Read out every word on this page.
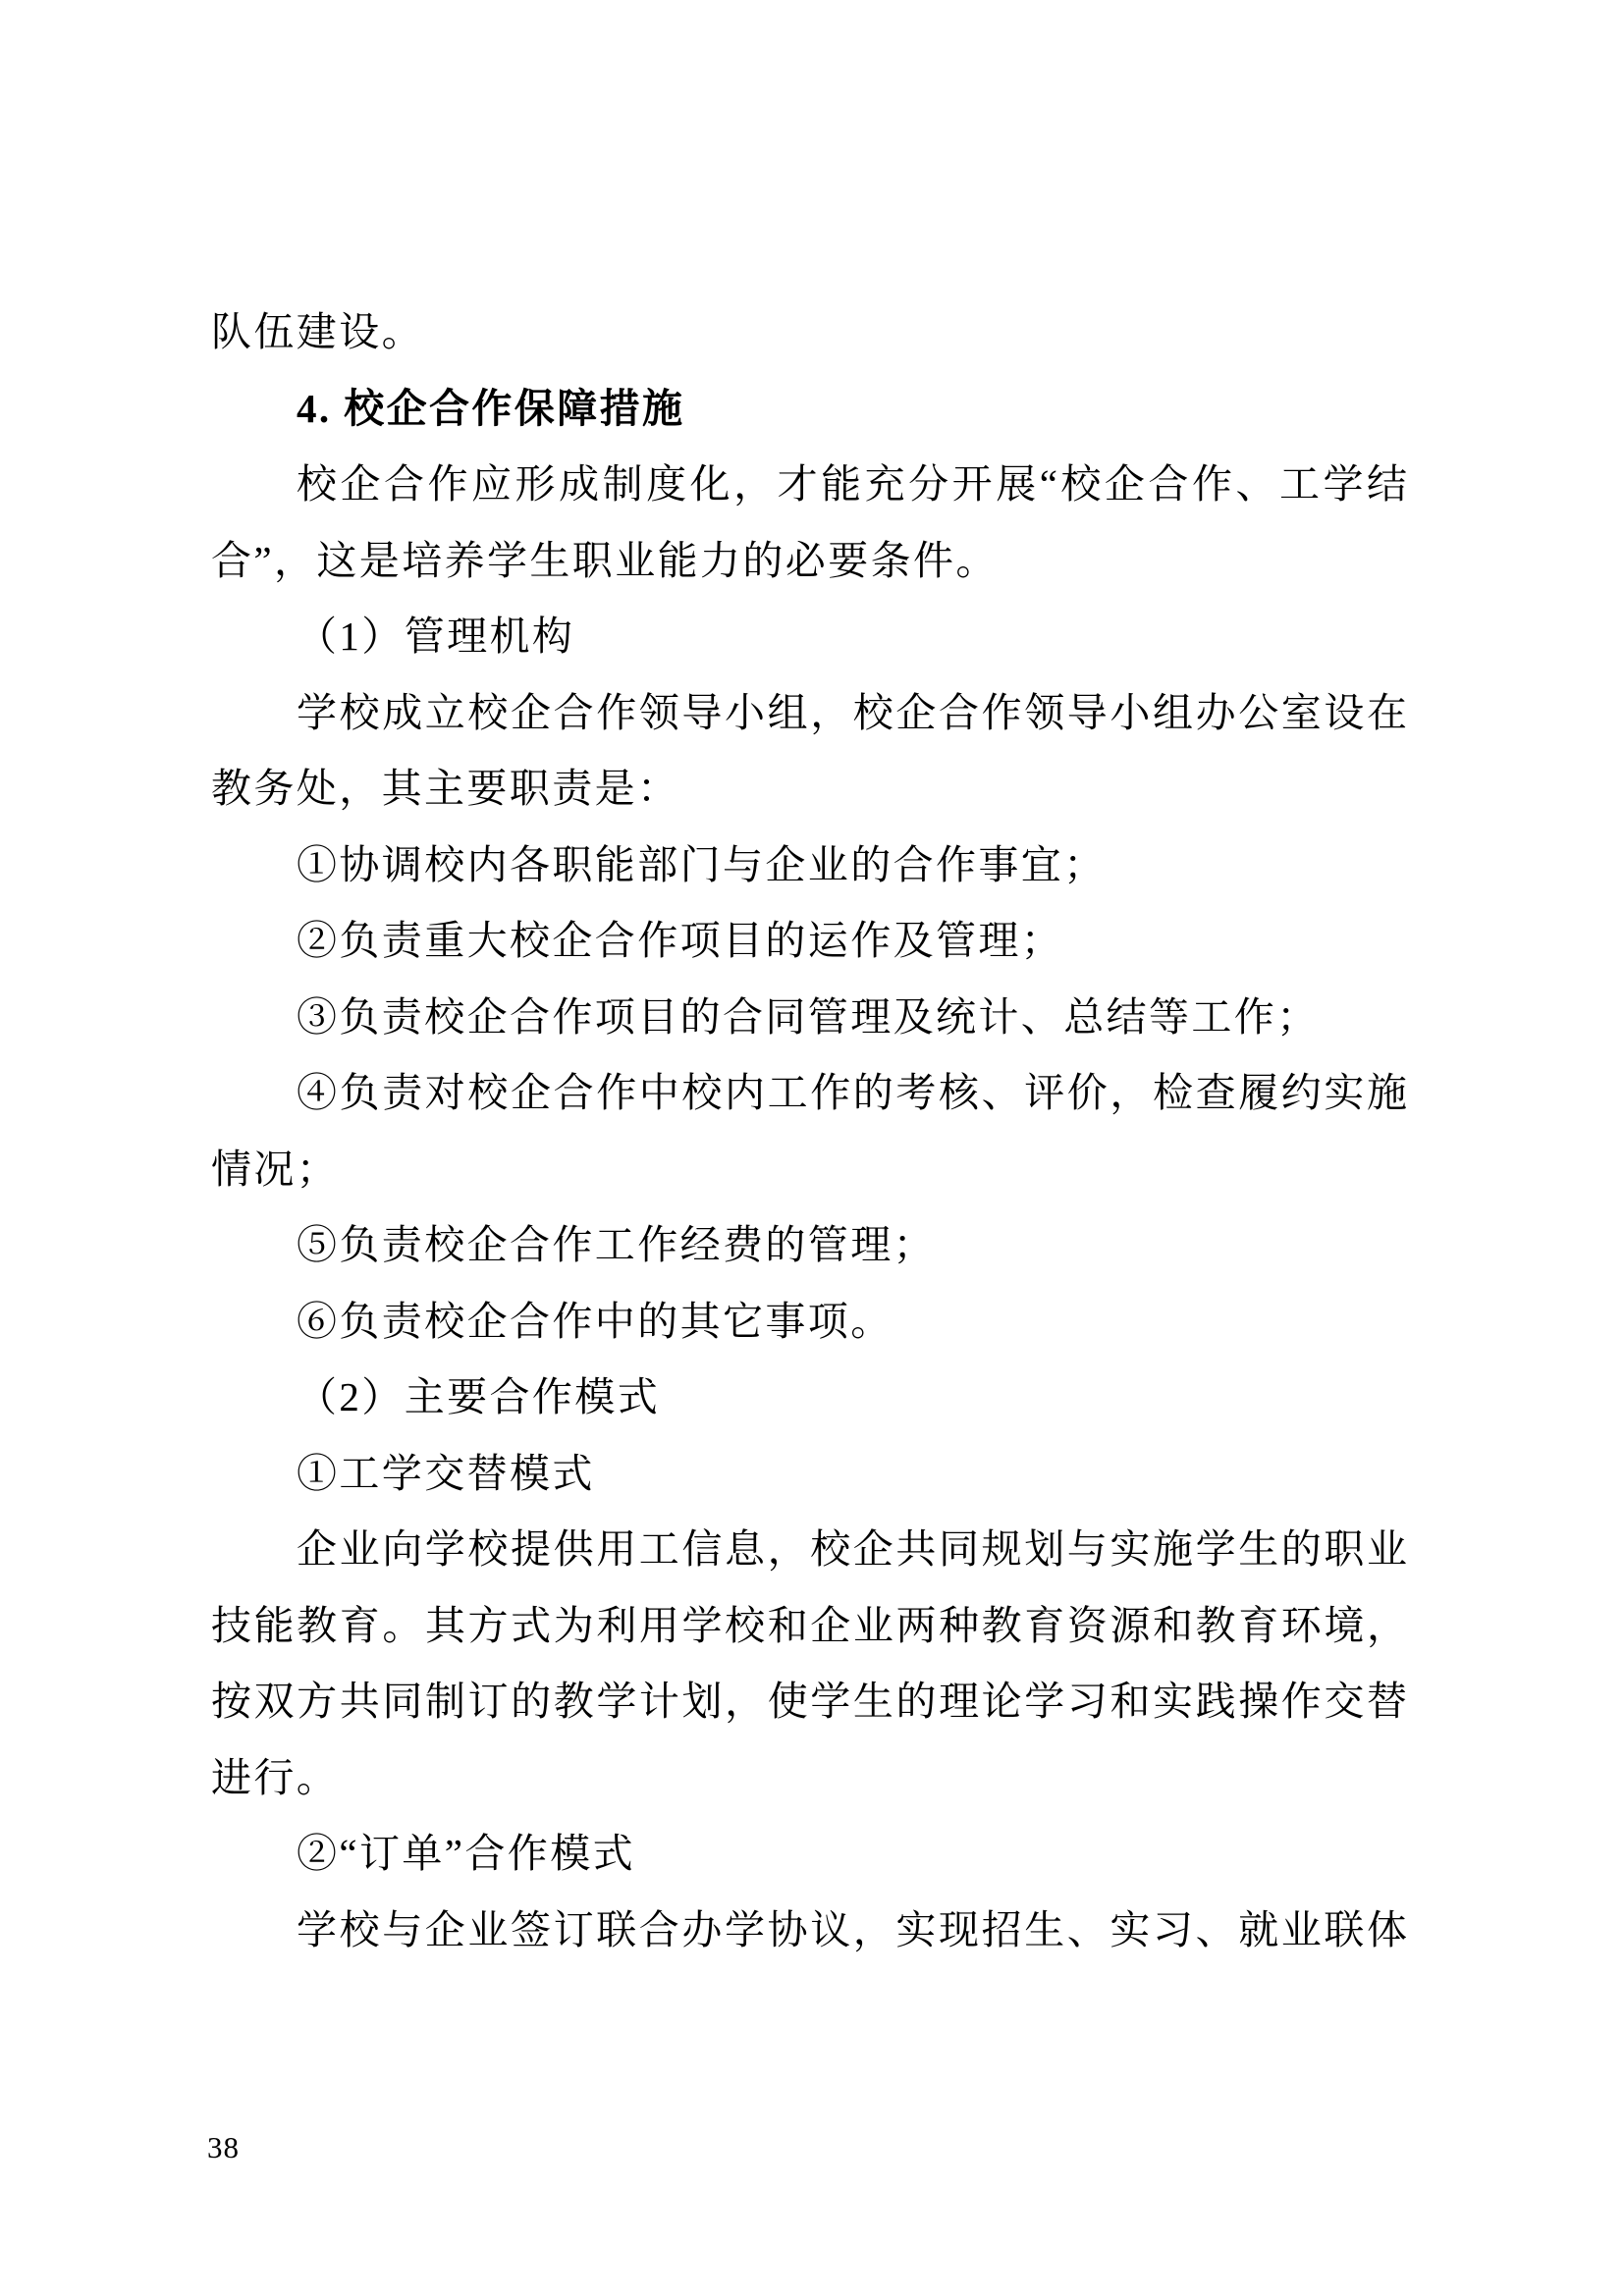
队伍建设。
4. 校企合作保障措施
校企合作应形成制度化，才能充分开展“校企合作、工学结
合”，这是培养学生职业能力的必要条件。
（1）管理机构
学校成立校企合作领导小组，校企合作领导小组办公室设在
教务处，其主要职责是：
①协调校内各职能部门与企业的合作事宜；
②负责重大校企合作项目的运作及管理；
③负责校企合作项目的合同管理及统计、总结等工作；
④负责对校企合作中校内工作的考核、评价，检查履约实施
情况；
⑤负责校企合作工作经费的管理；
⑥负责校企合作中的其它事项。
（2）主要合作模式
①工学交替模式
企业向学校提供用工信息，校企共同规划与实施学生的职业
技能教育。其方式为利用学校和企业两种教育资源和教育环境，
按双方共同制订的教学计划，使学生的理论学习和实践操作交替
进行。
②“订单”合作模式
学校与企业签订联合办学协议，实现招生、实习、就业联体
38
